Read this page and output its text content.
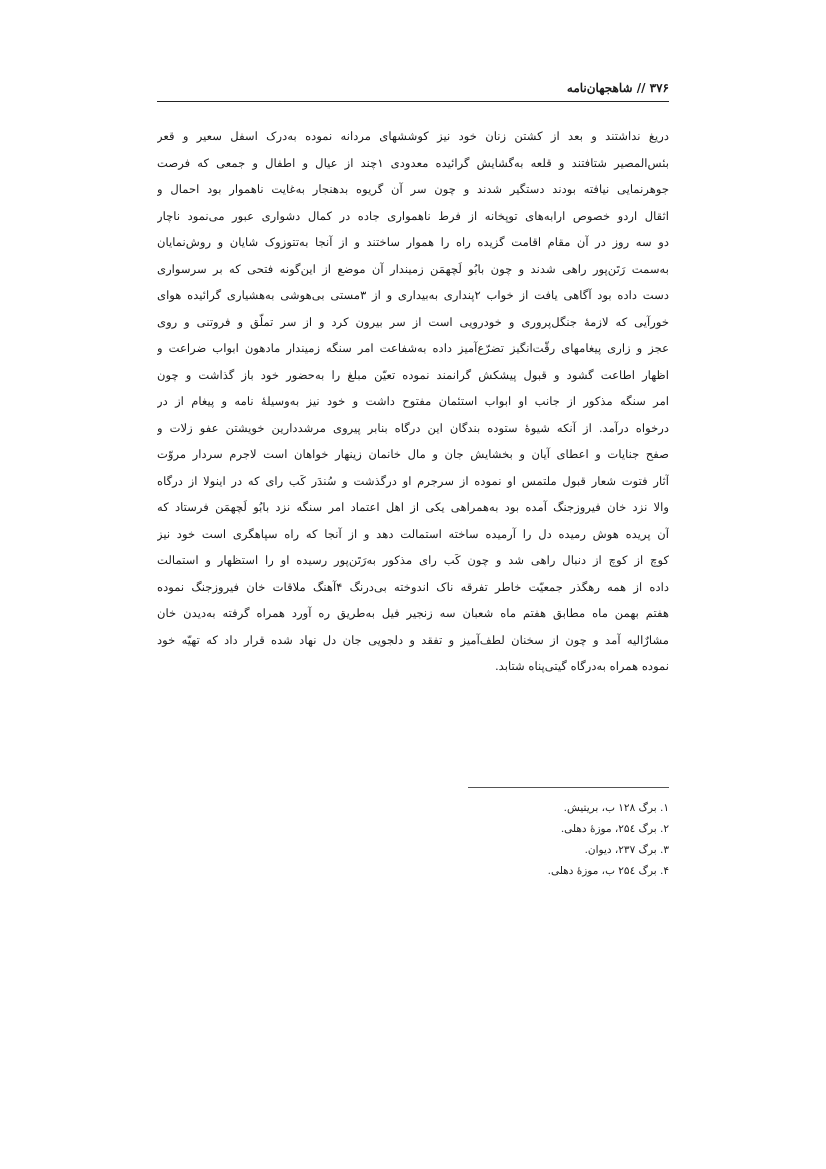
۳۷۶ // شاهجهان‌نامه
دریغ نداشتند و بعد از کشتن زنان خود نیز کوششهای مردانه نموده به‌درک اسفل سعیر و قعر
بئس‌المصیر شتافتند و قلعه به‌گشایش گرائیده معدودی ۱چند از عیال و اطفال و جمعی که فرصت
جوهرنمایی نیافته بودند دستگیر شدند و چون سر آن گریوه بدهنجار به‌غایت ناهموار بود احمال و
اثقال اردو خصوص ارابه‌های توپخانه از فرط ناهمواری جاده در کمال دشواری عبور می‌نمود ناچار
دو سه روز در آن مقام اقامت گزیده راه را هموار ساختند و از آنجا به‌تتوزوک شایان و روش‌نمایان
به‌سمت رَتَن‌پور راهی شدند و چون بابُو لَچهمَن زمیندار آن موضع از این‌گونه فتحی که بر سرسواری
دست داده بود آگاهی یافت از خواب ۲پنداری به‌بیداری و از ۳مستی بی‌هوشی به‌هشیاری گرائیده هوای
خورآیی که لازمهٔ جنگل‌پروری و خودرویی است از سر بیرون کرد و از سر تملّق و فروتنی و روی
عجز و زاری پیغامهای رقّت‌انگیز تضرّع‌آمیز داده به‌شفاعت امر سنگه زمیندار مادهون ابواب ضراعت و
اظهار اطاعت گشود و قبول پیشکش گرانمند نموده تعیّن مبلغ را به‌حضور خود باز گذاشت و چون
امر سنگه مذکور از جانب او ابواب استئمان مفتوح داشت و خود نیز به‌وسیلهٔ نامه و پیغام از در
درخواه درآمد. از آنکه شیوهٔ ستوده بندگان این درگاه بنابر پیروی مرشددارین خویشتن عفو زلات و
صفح جنایات و اعطای آیان و بخشایش جان و مال خانمان زینهار خواهان است لاجرم سردار مروّت
آثار فتوت شعار قبول ملتمس او نموده از سرجرم او درگذشت و سُندَر کَب رای که در اینولا از درگاه
والا نزد خان فیروزجنگ آمده بود به‌همراهی یکی از اهل اعتماد امر سنگه نزد بابُو لَچهمَن فرستاد که
آن پریده هوش رمیده دل را آرمیده ساخته استمالت دهد و از آنجا که راه سپاهگری است خود نیز
کوچ از کوچ از دنبال راهی شد و چون کَب رای مذکور به‌رَتَن‌پور رسیده او را استظهار و استمالت
داده از همه رهگذر جمعیّت خاطر تفرقه ناک اندوخته بی‌درنگ ۴آهنگ ملاقات خان فیروزجنگ نموده
هفتم بهمن ماه مطابق هفتم ماه شعبان سه زنجیر فیل به‌طریق ره آورد همراه گرفته به‌دیدن خان
مشارٌالیه آمد و چون از سخنان لطف‌آمیز و تفقد و دلجویی جان دل نهاد شده قرار داد که تهیّه خود
نموده همراه به‌درگاه گیتی‌پناه شتابد.
۱. برگ ۱۲۸ ب، بریتیش.
۲. برگ ۲۵٤، موزهٔ دهلی.
۳. برگ ۲۳۷، دیوان.
۴. برگ ۲۵٤ ب، موزهٔ دهلی.
